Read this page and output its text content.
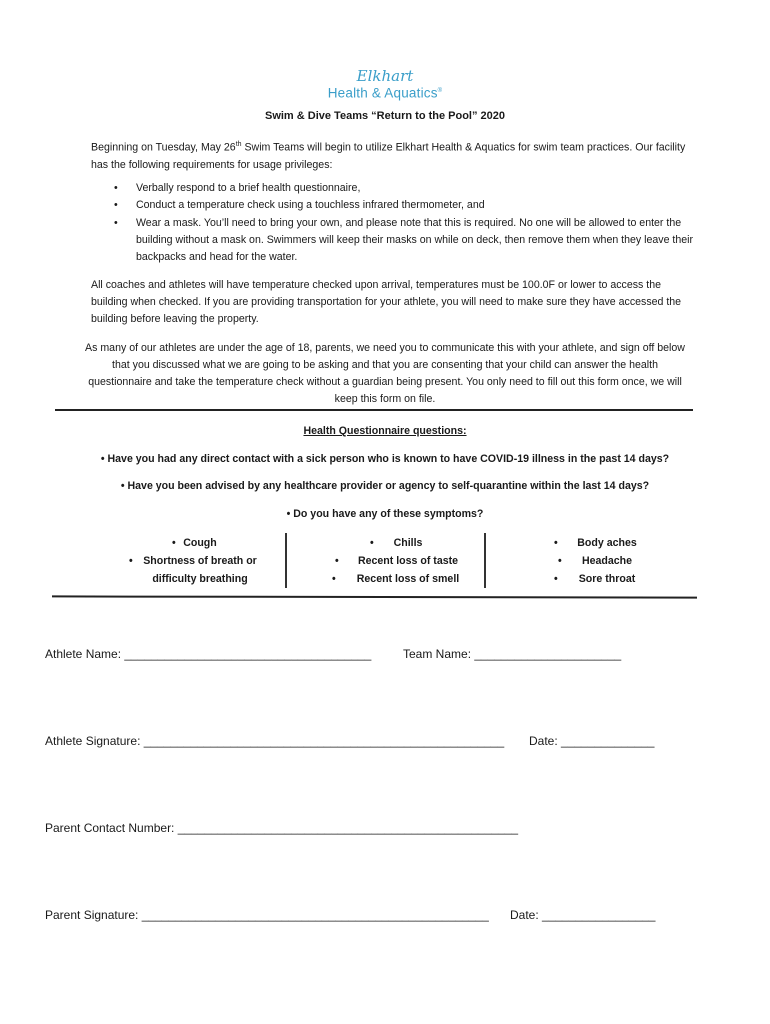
Elkhart
Health & Aquatics®
Swim & Dive Teams “Return to the Pool” 2020
Beginning on Tuesday, May 26th Swim Teams will begin to utilize Elkhart Health & Aquatics for swim team practices. Our facility has the following requirements for usage privileges:
• Verbally respond to a brief health questionnaire,
• Conduct a temperature check using a touchless infrared thermometer, and
• Wear a mask. You’ll need to bring your own, and please note that this is required. No one will be allowed to enter the building without a mask on. Swimmers will keep their masks on while on deck, then remove them when they leave their backpacks and head for the water.
All coaches and athletes will have temperature checked upon arrival, temperatures must be 100.0F or lower to access the building when checked. If you are providing transportation for your athlete, you will need to make sure they have accessed the building before leaving the property.
As many of our athletes are under the age of 18, parents, we need you to communicate this with your athlete, and sign off below that you discussed what we are going to be asking and that you are consenting that your child can answer the health questionnaire and take the temperature check without a guardian being present. You only need to fill out this form once, we will keep this form on file.
Health Questionnaire questions:
• Have you had any direct contact with a sick person who is known to have COVID-19 illness in the past 14 days?
• Have you been advised by any healthcare provider or agency to self-quarantine within the last 14 days?
• Do you have any of these symptoms?
• Cough
• Shortness of breath or
difficulty breathing
• Chills
• Recent loss of taste
• Recent loss of smell
• Body aches
• Headache
• Sore throat
Athlete Name: _____________________________________	Team Name: ______________________
Athlete Signature: ______________________________________________________ Date: ______________
Parent Contact Number: ___________________________________________________
Parent Signature: ____________________________________________________ Date: _________________
